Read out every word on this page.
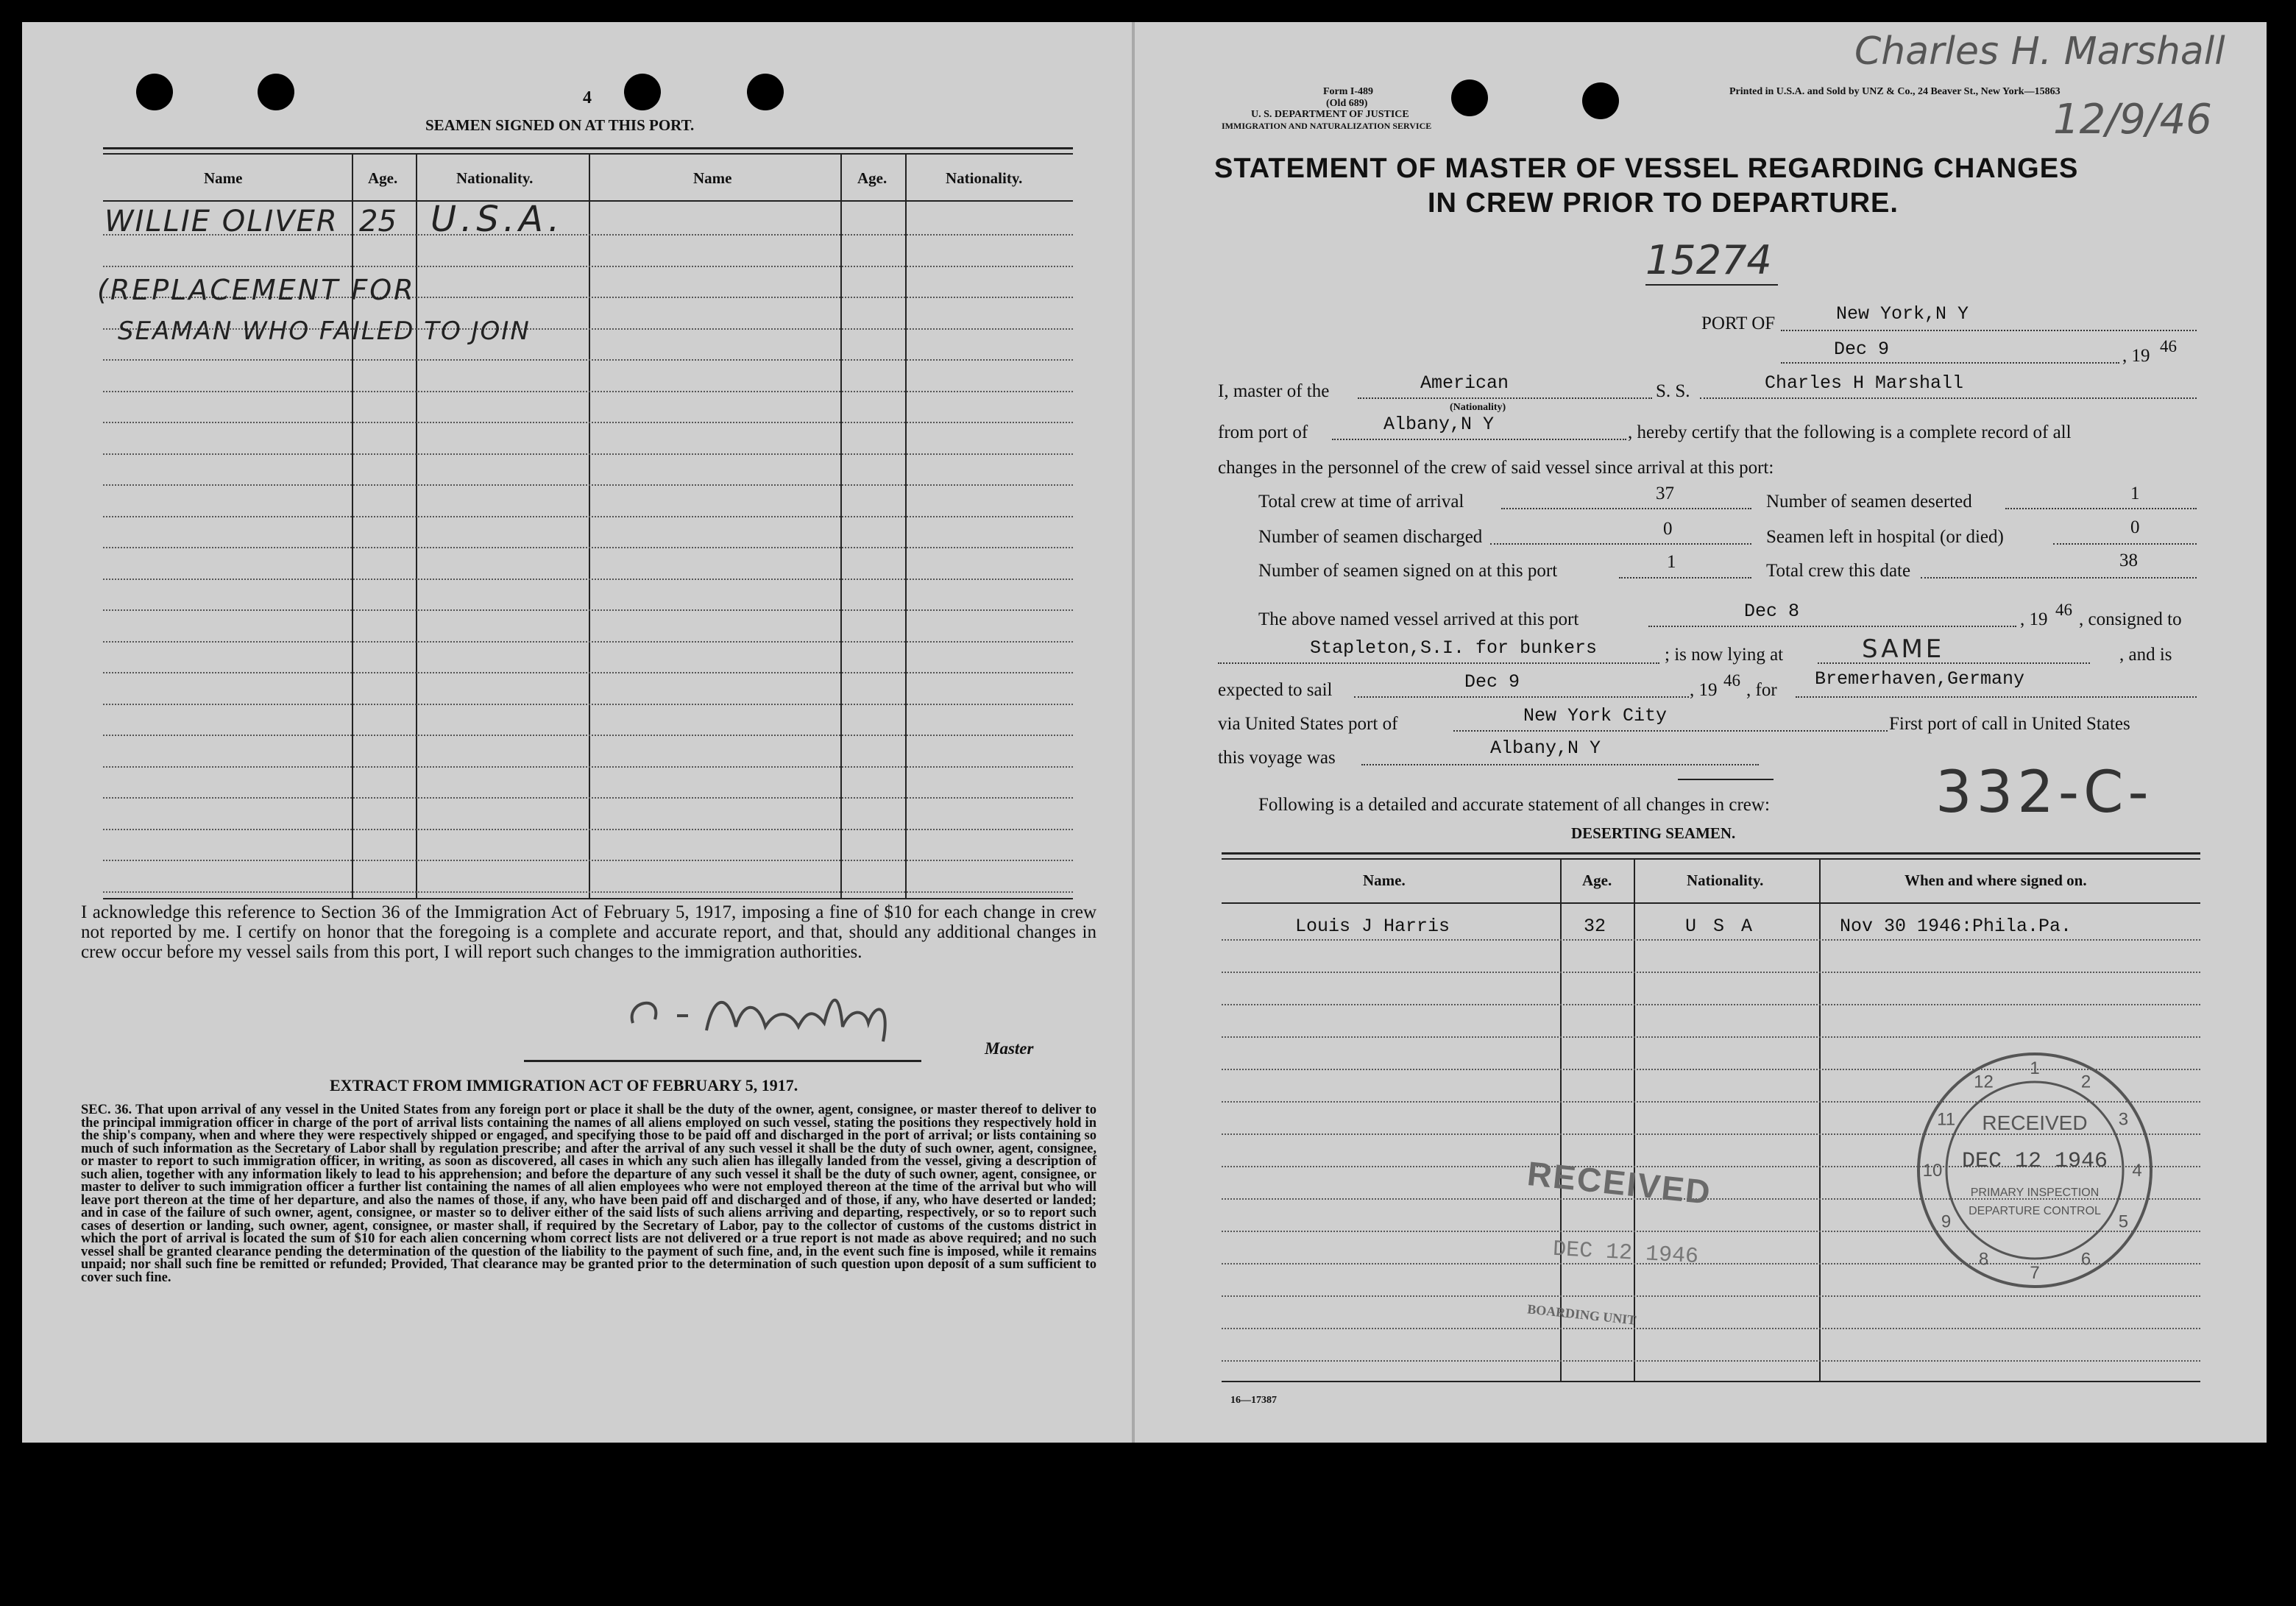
4
SEAMEN SIGNED ON AT THIS PORT.
Name	Age.	Nationality.	Name	Age.	Nationality.
WILLIE OLIVER 25 U.S.A.
(REPLACEMENT FOR
SEAMAN WHO FAILED TO JOIN
I acknowledge this reference to Section 36 of the Immigration Act of February 5, 1917, imposing a fine of $10 for each change in crew not reported by me. I certify on honor that the foregoing is a complete and accurate report, and that, should any additional changes in crew occur before my vessel sails from this port, I will report such changes to the immigration authorities.
Master
EXTRACT FROM IMMIGRATION ACT OF FEBRUARY 5, 1917.
SEC. 36. That upon arrival of any vessel in the United States from any foreign port or place it shall be the duty of the owner, agent, consignee, or master thereof to deliver to the principal immigration officer in charge of the port of arrival lists containing the names of all aliens employed on such vessel, stating the positions they respectively hold in the ship's company, when and where they were respectively shipped or engaged, and specifying those to be paid off and discharged in the port of arrival; or lists containing so much of such information as the Secretary of Labor shall by regulation prescribe; and after the arrival of any such vessel it shall be the duty of such owner, agent, consignee, or master to report to such immigration officer, in writing, as soon as discovered, all cases in which any such alien has illegally landed from the vessel, giving a description of such alien, together with any information likely to lead to his apprehension; and before the departure of any such vessel it shall be the duty of such owner, agent, consignee, or master to deliver to such immigration officer a further list containing the names of all alien employees who were not employed thereon at the time of the arrival but who will leave port thereon at the time of her departure, and also the names of those, if any, who have been paid off and discharged and of those, if any, who have deserted or landed; and in case of the failure of such owner, agent, consignee, or master so to deliver either of the said lists of such aliens arriving and departing, respectively, or so to report such cases of desertion or landing, such owner, agent, consignee, or master shall, if required by the Secretary of Labor, pay to the collector of customs of the customs district in which the port of arrival is located the sum of $10 for each alien concerning whom correct lists are not delivered or a true report is not made as above required; and no such vessel shall be granted clearance pending the determination of the question of the liability to the payment of such fine, and, in the event such fine is imposed, while it remains unpaid; nor shall such fine be remitted or refunded; Provided, That clearance may be granted prior to the determination of such question upon deposit of a sum sufficient to cover such fine.
Form I-489
(Old 689)
U. S. DEPARTMENT OF JUSTICE
IMMIGRATION AND NATURALIZATION SERVICE
Printed in U.S.A. and Sold by UNZ & Co., 24 Beaver St., New York—15863
Charles H. Marshall
12/9/46
STATEMENT OF MASTER OF VESSEL REGARDING CHANGES
IN CREW PRIOR TO DEPARTURE.
15274
PORT OF	New York,N Y
Dec 9	, 19 46
I, master of the	American
(Nationality)
S. S.	Charles H Marshall
from port of	Albany,N Y	, hereby certify that the following is a complete record of all
changes in the personnel of the crew of said vessel since arrival at this port:
Total crew at time of arrival	37
Number of seamen discharged	0
Number of seamen signed on at this port	1
Number of seamen deserted	1
Seamen left in hospital (or died)	0
Total crew this date
38
The above named vessel arrived at this port	Dec 8	, 19 46 , consigned to
Stapleton,S.I. for bunkers	; is now lying at	SAME	, and is
expected to sail	Dec 9	, 19 46 , for
Bremerhaven,Germany
via United States port of	New York City	First port of call in United States
this voyage was	Albany,N Y
Following is a detailed and accurate statement of all changes in crew:	332-C-
DESERTING SEAMEN.
Name.	Age.	Nationality.	When and where signed on.
Louis J Harris	32	U S A	Nov 30 1946:Phila.Pa.
RECEIVED
DEC 12 1946
BOARDING UNIT
1
2
3
4
5
6
7
8
9
10
11
12
RECEIVED
DEC 12 1946
PRIMARY INSPECTION
DEPARTURE CONTROL
16—17387
